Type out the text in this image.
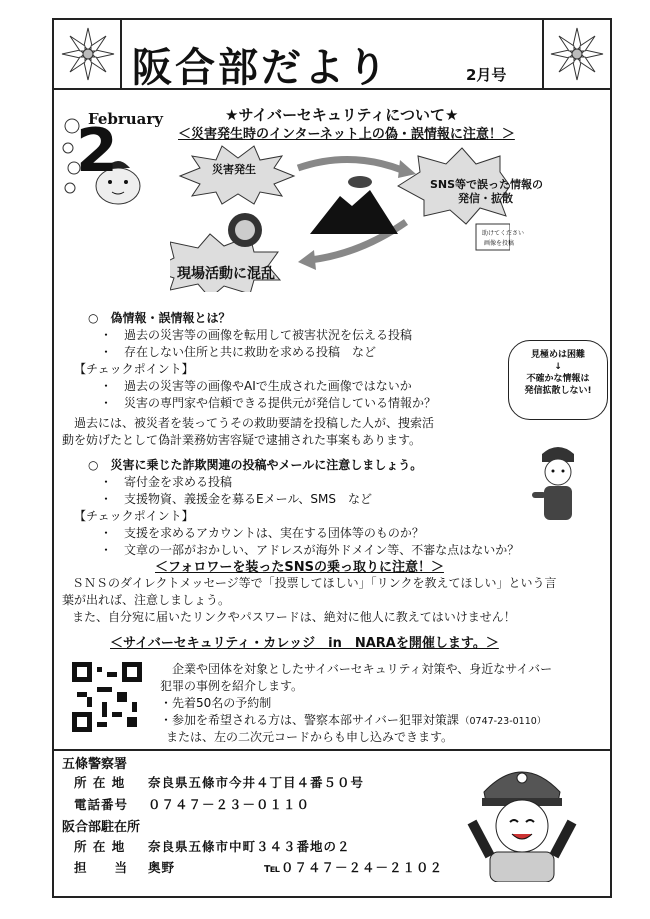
阪合部だより	2月号
February
2
★サイバーセキュリティについて★
＜災害発生時のインターネット上の偽・誤情報に注意！＞
災害発生
SNS等で誤った情報の
発信・拡散
現場活動に混乱
助けてください
画像を投稿
○　偽情報・誤情報とは？
・　過去の災害等の画像を転用して被害状況を伝える投稿
・　存在しない住所と共に救助を求める投稿　など
【チェックポイント】
・　過去の災害等の画像やAIで生成された画像ではないか
・　災害の専門家や信頼できる提供元が発信している情報か？
見極めは困難
↓
不確かな情報は
発信拡散しない!
過去には、被災者を装ってうその救助要請を投稿した人が、捜索活
動を妨げたとして偽計業務妨害容疑で逮捕された事案もあります。
○　災害に乗じた詐欺関連の投稿やメールに注意しましょう。
・　寄付金を求める投稿
・　支援物資、義援金を募るEメール、SMS　など
【チェックポイント】
・　支援を求めるアカウントは、実在する団体等のものか？
・　文章の一部がおかしい、アドレスが海外ドメイン等、不審な点はないか？
＜フォロワーを装ったSNSの乗っ取りに注意！＞
ＳＮＳのダイレクトメッセージ等で「投票してほしい」「リンクを教えてほしい」という言
葉が出れば、注意しましょう。
また、自分宛に届いたリンクやパスワードは、絶対に他人に教えてはいけません！
＜サイバーセキュリティ・カレッジ　in　NARAを開催します。＞
企業や団体を対象としたサイバーセキュリティ対策や、身近なサイバー
犯罪の事例を紹介します。
・先着50名の予約制
・参加を希望される方は、警察本部サイバー犯罪対策課 （0747-23-0110）
または、左の二次元コードからも申し込みできます。
五條警察署
所 在 地 奈良県五條市今井４丁目４番５０号
電話番号 ０７４７－２３－０１１０
阪合部駐在所
所 在 地 奈良県五條市中町３４３番地の２
担　　当 奥野	℡０７４７－２４－２１０２
